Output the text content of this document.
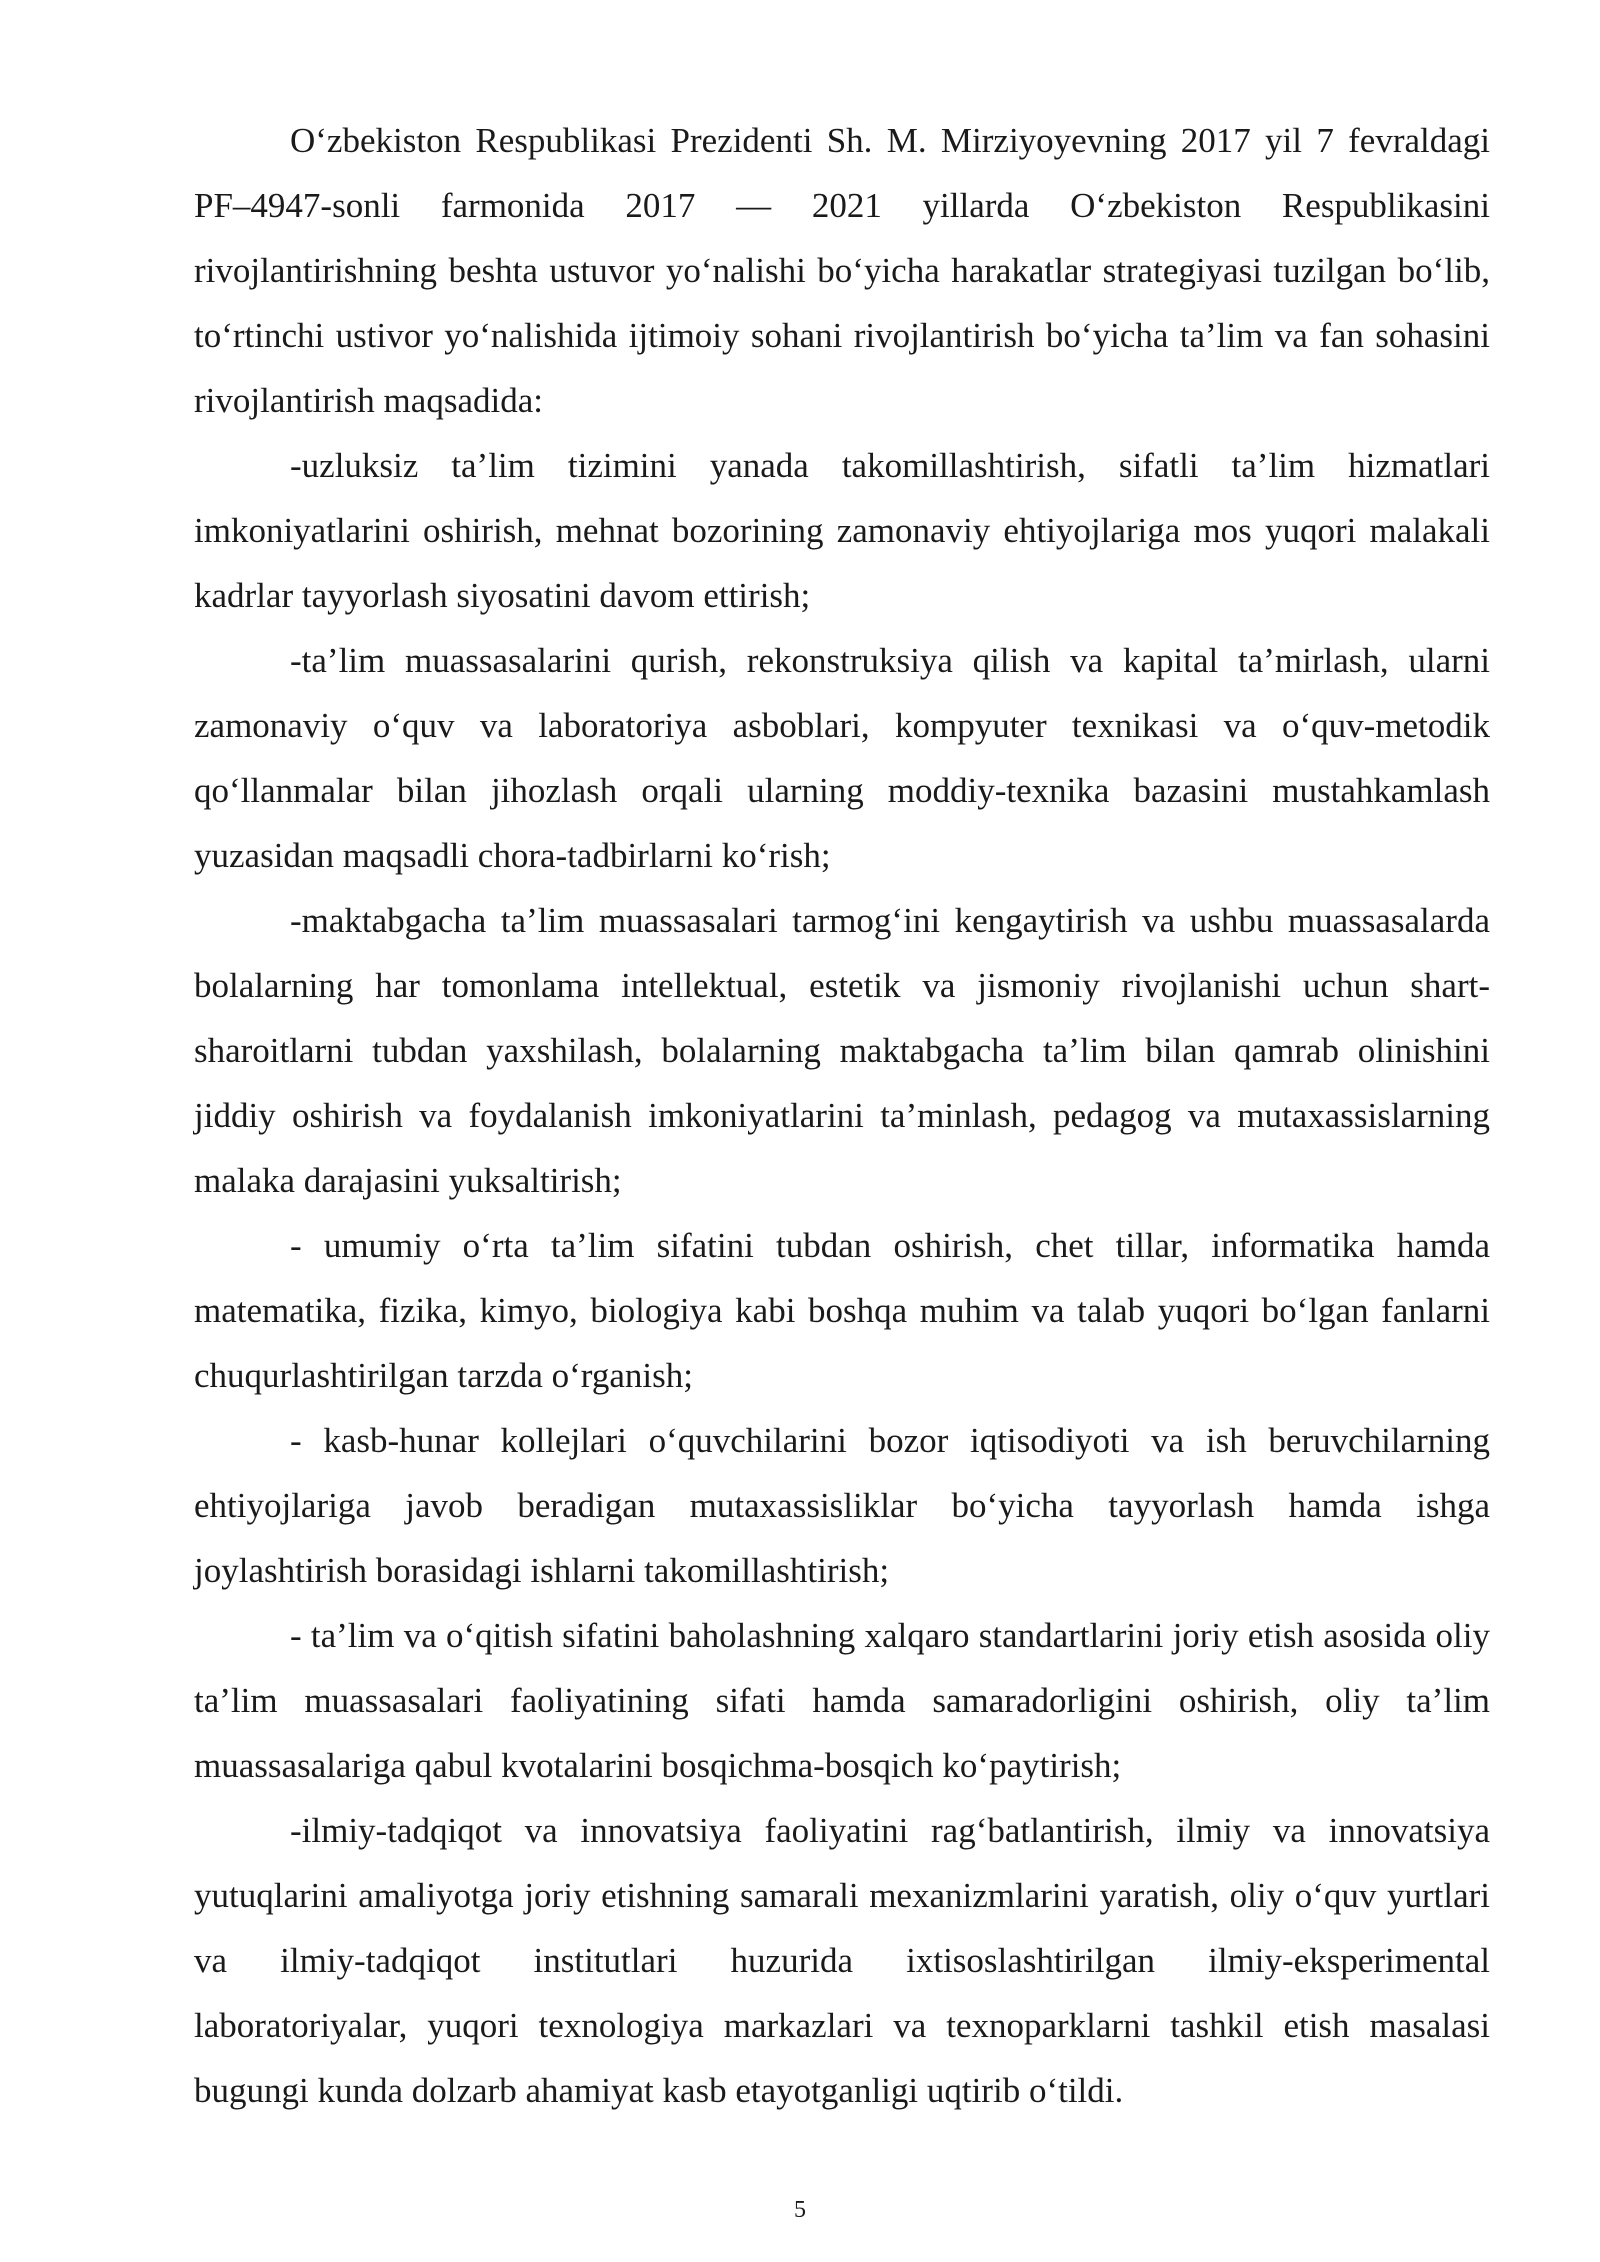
O‘zbekiston Respublikasi Prezidenti Sh. M. Mirziyoyevning 2017 yil 7 fevraldagi PF–4947-sonli farmonida 2017 — 2021 yillarda O‘zbekiston Respublikasini rivojlantirishning beshta ustuvor yo‘nalishi bo‘yicha harakatlar strategiyasi tuzilgan bo‘lib, to‘rtinchi ustivor yo‘nalishida ijtimoiy sohani rivojlantirish bo‘yicha ta’lim va fan sohasini rivojlantirish maqsadida:

-uzluksiz ta’lim tizimini yanada takomillashtirish, sifatli ta’lim hizmatlari imkoniyatlarini oshirish, mehnat bozorining zamonaviy ehtiyojlariga mos yuqori malakali kadrlar tayyorlash siyosatini davom ettirish;

-ta’lim muassasalarini qurish, rekonstruksiya qilish va kapital ta’mirlash, ularni zamonaviy o‘quv va laboratoriya asboblari, kompyuter texnikasi va o‘quv-metodik qo‘llanmalar bilan jihozlash orqali ularning moddiy-texnika bazasini mustahkamlash yuzasidan maqsadli chora-tadbirlarni ko‘rish;

-maktabgacha ta’lim muassasalari tarmog‘ini kengaytirish va ushbu muassasalarda bolalarning har tomonlama intellektual, estetik va jismoniy rivojlanishi uchun shart-sharoitlarni tubdan yaxshilash, bolalarning maktabgacha ta’lim bilan qamrab olinishini jiddiy oshirish va foydalanish imkoniyatlarini ta’minlash, pedagog va mutaxassislarning malaka darajasini yuksaltirish;

- umumiy o‘rta ta’lim sifatini tubdan oshirish, chet tillar, informatika hamda matematika, fizika, kimyo, biologiya kabi boshqa muhim va talab yuqori bo‘lgan fanlarni chuqurlashtirilgan tarzda o‘rganish;

- kasb-hunar kollejlari o‘quvchilarini bozor iqtisodiyoti va ish beruvchilarning ehtiyojlariga javob beradigan mutaxassisliklar bo‘yicha tayyorlash hamda ishga joylashtirish borasidagi ishlarni takomillashtirish;

- ta’lim va o‘qitish sifatini baholashning xalqaro standartlarini joriy etish asosida oliy ta’lim muassasalari faoliyatining sifati hamda samaradorligini oshirish, oliy ta’lim muassasalariga qabul kvotalarini bosqichma-bosqich ko‘paytirish;

-ilmiy-tadqiqot va innovatsiya faoliyatini rag‘batlantirish, ilmiy va innovatsiya yutuqlarini amaliyotga joriy etishning samarali mexanizmlarini yaratish, oliy o‘quv yurtlari va ilmiy-tadqiqot institutlari huzurida ixtisoslashtirilgan ilmiy-eksperimental laboratoriyalar, yuqori texnologiya markazlari va texnoparklarni tashkil etish masalasi bugungi kunda dolzarb ahamiyat kasb etayotganligi uqtirib o‘tildi.

5
